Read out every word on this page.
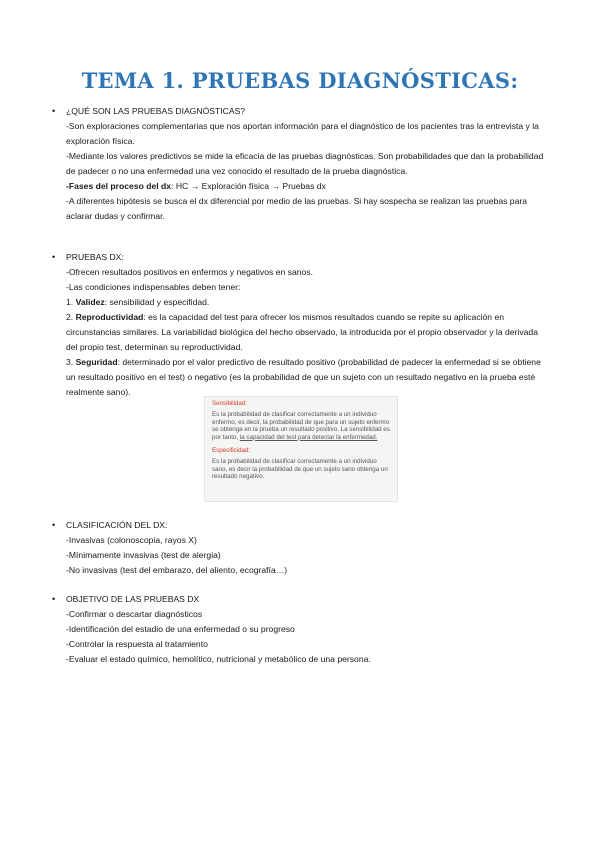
TEMA 1. PRUEBAS DIAGNÓSTICAS:
• ¿QUÉ SON LAS PRUEBAS DIAGNÓSTICAS?

-Son exploraciones complementarias que nos aportan información para el diagnóstico de los pacientes tras la entrevista y la exploración física.

-Mediante los valores predictivos se mide la eficacia de las pruebas diagnósticas. Son probabilidades que dan la probabilidad de padecer o no una enfermedad una vez conocido el resultado de la prueba diagnóstica.

-Fases del proceso del dx: HC → Exploración física → Pruebas dx

-A diferentes hipótesis se busca el dx diferencial por medio de las pruebas. Si hay sospecha se realizan las pruebas para aclarar dudas y confirmar.

• PRUEBAS DX:

-Ofrecen resultados positivos en enfermos y negativos en sanos.

-Las condiciones indispensables deben tener:

1. Validez: sensibilidad y especifidad.

2. Reproductividad: es la capacidad del test para ofrecer los mismos resultados cuando se repite su aplicación en circunstancias similares. La variabilidad biológica del hecho observado, la introducida por el propio observador y la derivada del propio test, determinan su reproductividad.

3. Seguridad: determinado por el valor predictivo de resultado positivo (probabilidad de padecer la enfermedad si se obtiene un resultado positivo en el test) o negativo (es la probabilidad de que un sujeto con un resultado negativo en la prueba esté realmente sano).

Sensibilidad:

Es la probabilidad de clasificar correctamente a un individuo enfermo, es decir, la probabilidad de que para un sujeto enfermo se obtenga en la prueba un resultado positivo. La sensibilidad es por tanto, la capacidad del test para detectar la enfermedad.

Especificidad:

Es la probabilidad de clasificar correctamente a un individuo sano, es decir la probabilidad de que un sujeto sano obtenga un resultado negativo.

• CLASIFICACIÓN DEL DX:

-Invasivas (colonoscopia, rayos X)

-Mínimamente invasivas (test de alergia)

-No invasivas (test del embarazo, del aliento, ecografía…)

• OBJETIVO DE LAS PRUEBAS DX

-Confirmar o descartar diagnósticos

-Identificación del estadio de una enfermedad o su progreso

-Controlar la respuesta al tratamiento

-Evaluar el estado químico, hemolítico, nutricional y metabólico de una persona.
